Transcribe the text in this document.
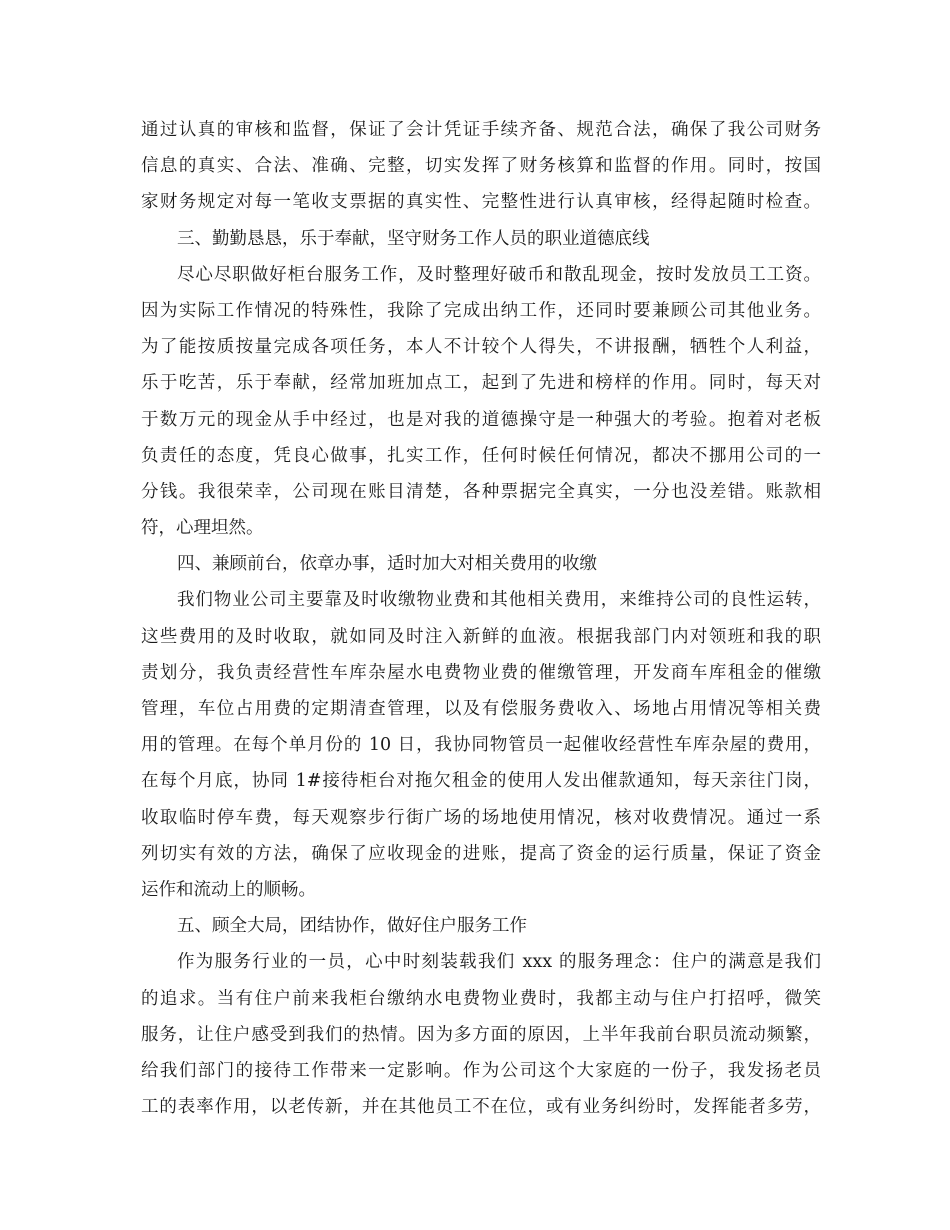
通过认真的审核和监督，保证了会计凭证手续齐备、规范合法，确保了我公司财务
信息的真实、合法、准确、完整，切实发挥了财务核算和监督的作用。同时，按国
家财务规定对每一笔收支票据的真实性、完整性进行认真审核，经得起随时检查。
三、勤勤恳恳，乐于奉献，坚守财务工作人员的职业道德底线
尽心尽职做好柜台服务工作，及时整理好破币和散乱现金，按时发放员工工资。
因为实际工作情况的特殊性，我除了完成出纳工作，还同时要兼顾公司其他业务。
为了能按质按量完成各项任务，本人不计较个人得失，不讲报酬，牺牲个人利益，
乐于吃苦，乐于奉献，经常加班加点工，起到了先进和榜样的作用。同时，每天对
于数万元的现金从手中经过，也是对我的道德操守是一种强大的考验。抱着对老板
负责任的态度，凭良心做事，扎实工作，任何时候任何情况，都决不挪用公司的一
分钱。我很荣幸，公司现在账目清楚，各种票据完全真实，一分也没差错。账款相
符，心理坦然。
四、兼顾前台，依章办事，适时加大对相关费用的收缴
我们物业公司主要靠及时收缴物业费和其他相关费用，来维持公司的良性运转，
这些费用的及时收取，就如同及时注入新鲜的血液。根据我部门内对领班和我的职
责划分，我负责经营性车库杂屋水电费物业费的催缴管理，开发商车库租金的催缴
管理，车位占用费的定期清查管理，以及有偿服务费收入、场地占用情况等相关费
用的管理。在每个单月份的 10 日，我协同物管员一起催收经营性车库杂屋的费用，
在每个月底，协同 1#接待柜台对拖欠租金的使用人发出催款通知，每天亲往门岗，
收取临时停车费，每天观察步行街广场的场地使用情况，核对收费情况。通过一系
列切实有效的方法，确保了应收现金的进账，提高了资金的运行质量，保证了资金
运作和流动上的顺畅。
五、顾全大局，团结协作，做好住户服务工作
作为服务行业的一员，心中时刻装载我们 xxx 的服务理念：住户的满意是我们
的追求。当有住户前来我柜台缴纳水电费物业费时，我都主动与住户打招呼，微笑
服务，让住户感受到我们的热情。因为多方面的原因，上半年我前台职员流动频繁，
给我们部门的接待工作带来一定影响。作为公司这个大家庭的一份子，我发扬老员
工的表率作用，以老传新，并在其他员工不在位，或有业务纠纷时，发挥能者多劳，
